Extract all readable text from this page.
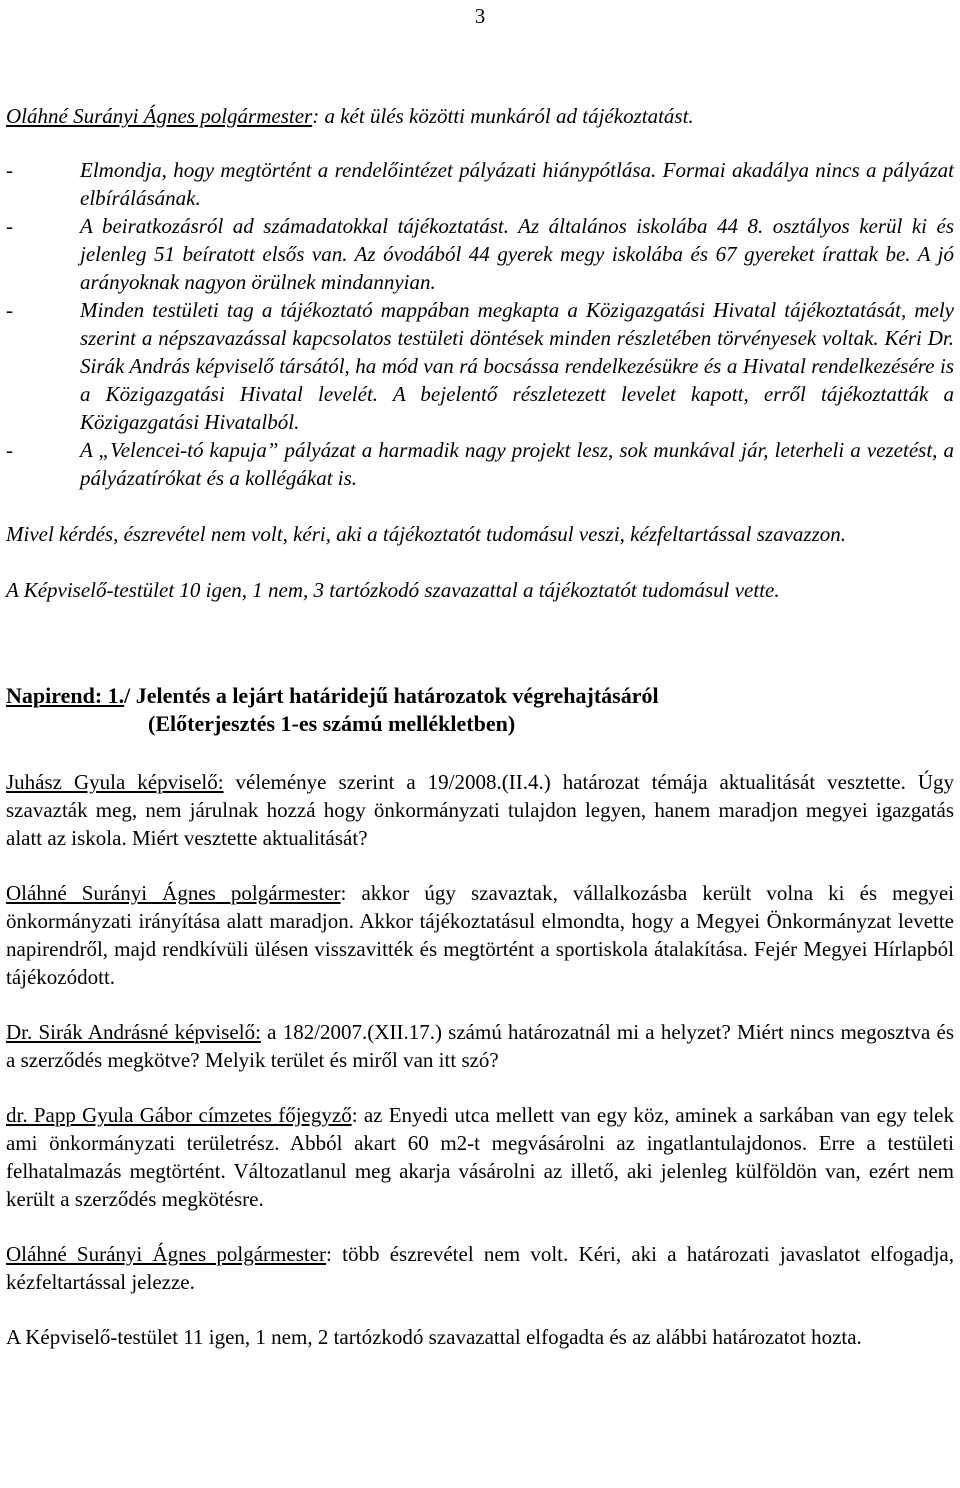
3

Oláhné Surányi Ágnes polgármester: a két ülés közötti munkáról ad tájékoztatást.

-	Elmondja, hogy megtörtént a rendelőintézet pályázati hiánypótlása. Formai akadálya nincs a pályázat elbírálásának.
-	A beiratkozásról ad számadatokkal tájékoztatást. Az általános iskolába 44 8. osztályos kerül ki és jelenleg 51 beíratott elsős van. Az óvodából 44 gyerek megy iskolába és 67 gyereket írattak be. A jó arányoknak nagyon örülnek mindannyian.
-	Minden testületi tag a tájékoztató mappában megkapta a Közigazgatási Hivatal tájékoztatását, mely szerint a népszavazással kapcsolatos testületi döntések minden részletében törvényesek voltak. Kéri Dr. Sirák András képviselő társától, ha mód van rá bocsássa rendelkezésükre és a Hivatal rendelkezésére is a Közigazgatási Hivatal levelét. A bejelentő részletezett levelet kapott, erről tájékoztatták a Közigazgatási Hivatalból.
-	A „Velencei-tó kapuja” pályázat a harmadik nagy projekt lesz, sok munkával jár, leterheli a vezetést, a pályázatírókat és a kollégákat is.

Mivel kérdés, észrevétel nem volt, kéri, aki a tájékoztatót tudomásul veszi, kézfeltartással szavazzon.

A Képviselő-testület 10 igen, 1 nem, 3 tartózkodó szavazattal a tájékoztatót tudomásul vette.

Napirend: 1./ Jelentés a lejárt határidejű határozatok végrehajtásáról
(Előterjesztés 1-es számú mellékletben)

Juhász Gyula képviselő: véleménye szerint a 19/2008.(II.4.) határozat témája aktualitását vesztette. Úgy szavazták meg, nem járulnak hozzá hogy önkormányzati tulajdon legyen, hanem maradjon megyei igazgatás alatt az iskola. Miért vesztette aktualitását?

Oláhné Surányi Ágnes polgármester: akkor úgy szavaztak, vállalkozásba került volna ki és megyei önkormányzati irányítása alatt maradjon. Akkor tájékoztatásul elmondta, hogy a Megyei Önkormányzat levette napirendről, majd rendkívüli ülésen visszavitték és megtörtént a sportiskola átalakítása. Fejér Megyei Hírlapból tájékozódott.

Dr. Sirák Andrásné képviselő: a 182/2007.(XII.17.) számú határozatnál mi a helyzet? Miért nincs megosztva és a szerződés megkötve? Melyik terület és miről van itt szó?

dr. Papp Gyula Gábor címzetes főjegyző: az Enyedi utca mellett van egy köz, aminek a sarkában van egy telek ami önkormányzati területrész. Abból akart 60 m2-t megvásárolni az ingatlantulajdonos. Erre a testületi felhatalmazás megtörtént. Változatlanul meg akarja vásárolni az illető, aki jelenleg külföldön van, ezért nem került a szerződés megkötésre.

Oláhné Surányi Ágnes polgármester: több észrevétel nem volt. Kéri, aki a határozati javaslatot elfogadja, kézfeltartással jelezze.

A Képviselő-testület 11 igen, 1 nem, 2 tartózkodó szavazattal elfogadta és az alábbi határozatot hozta.
